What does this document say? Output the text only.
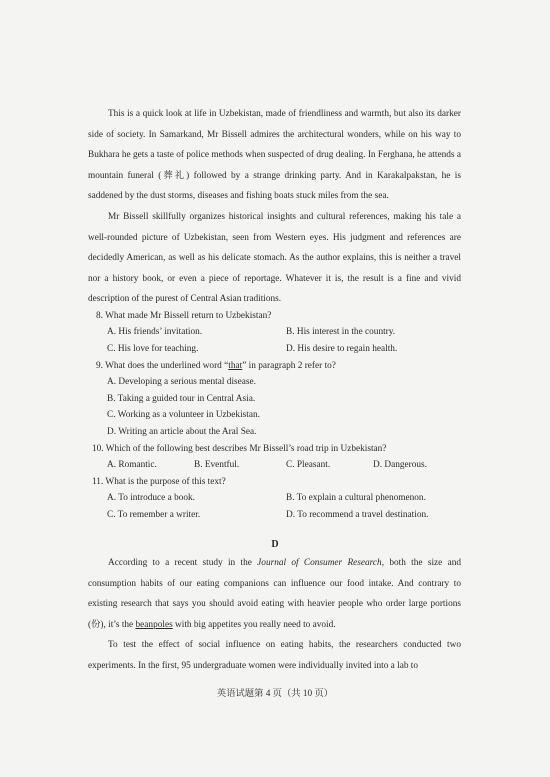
This is a quick look at life in Uzbekistan, made of friendliness and warmth, but also its darker side of society. In Samarkand, Mr Bissell admires the architectural wonders, while on his way to Bukhara he gets a taste of police methods when suspected of drug dealing. In Ferghana, he attends a mountain funeral (葬礼) followed by a strange drinking party. And in Karakalpakstan, he is saddened by the dust storms, diseases and fishing boats stuck miles from the sea.

Mr Bissell skillfully organizes historical insights and cultural references, making his tale a well-rounded picture of Uzbekistan, seen from Western eyes. His judgment and references are decidedly American, as well as his delicate stomach. As the author explains, this is neither a travel nor a history book, or even a piece of reportage. Whatever it is, the result is a fine and vivid description of the purest of Central Asian traditions.

8. What made Mr Bissell return to Uzbekistan?
A. His friends’ invitation.	B. His interest in the country.
C. His love for teaching.	D. His desire to regain health.
9. What does the underlined word “that” in paragraph 2 refer to?
A. Developing a serious mental disease.
B. Taking a guided tour in Central Asia.
C. Working as a volunteer in Uzbekistan.
D. Writing an article about the Aral Sea.
10. Which of the following best describes Mr Bissell’s road trip in Uzbekistan?
A. Romantic.	B. Eventful.	C. Pleasant.	D. Dangerous.
11. What is the purpose of this text?
A. To introduce a book.	B. To explain a cultural phenomenon.
C. To remember a writer.	D. To recommend a travel destination.
D

According to a recent study in the Journal of Consumer Research, both the size and consumption habits of our eating companions can influence our food intake. And contrary to existing research that says you should avoid eating with heavier people who order large portions (份), it’s the beanpoles with big appetites you really need to avoid.

To test the effect of social influence on eating habits, the researchers conducted two experiments. In the first, 95 undergraduate women were individually invited into a lab to

英语试题第 4 页（共 10 页）
